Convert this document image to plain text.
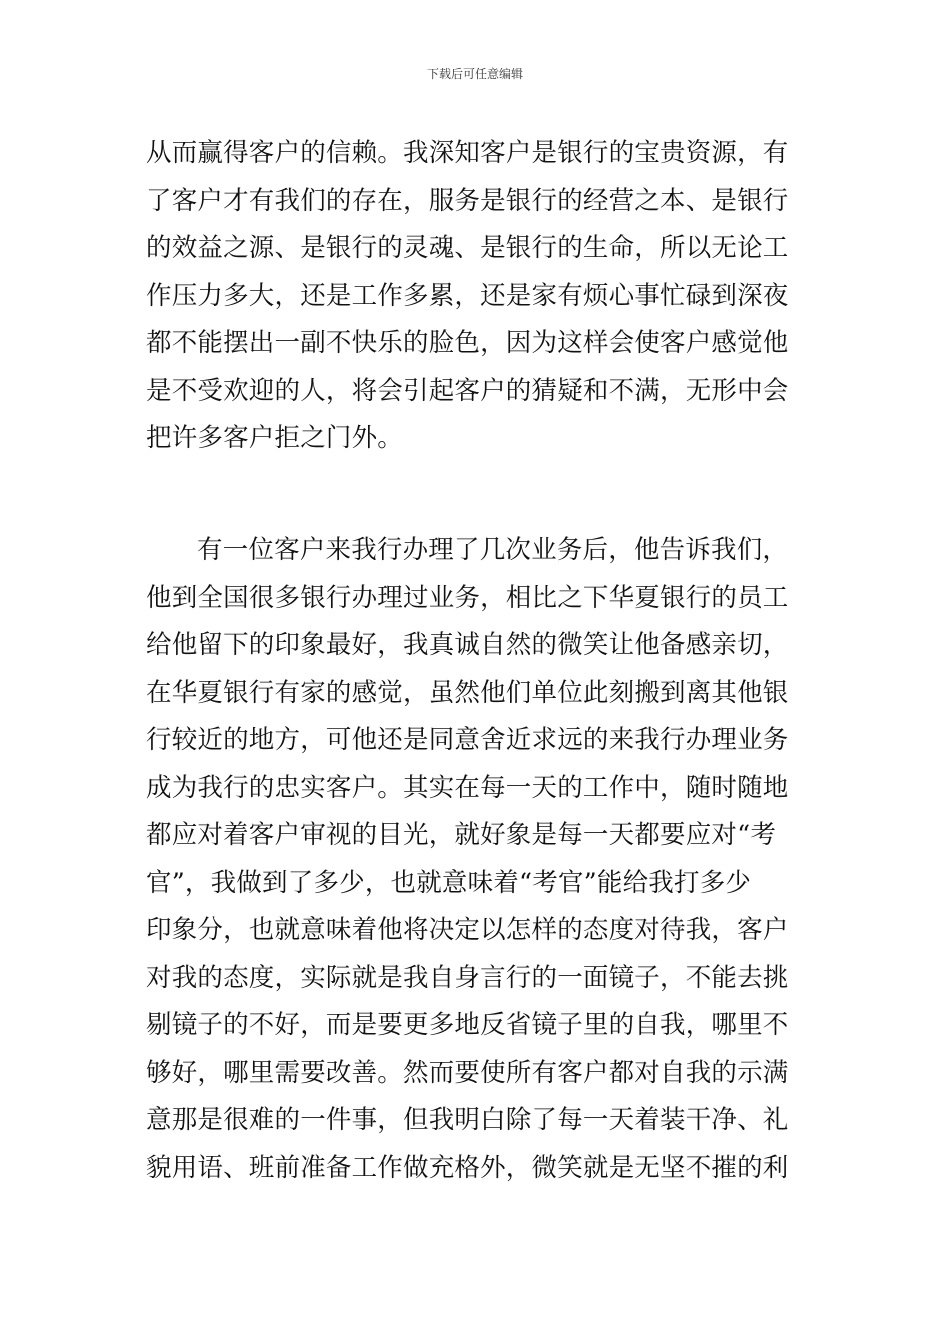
下载后可任意编辑
从而赢得客户的信赖。我深知客户是银行的宝贵资源，有
了客户才有我们的存在，服务是银行的经营之本、是银行
的效益之源、是银行的灵魂、是银行的生命，所以无论工
作压力多大，还是工作多累，还是家有烦心事忙碌到深夜
都不能摆出一副不快乐的脸色，因为这样会使客户感觉他
是不受欢迎的人，将会引起客户的猜疑和不满，无形中会
把许多客户拒之门外。
有一位客户来我行办理了几次业务后，他告诉我们，
他到全国很多银行办理过业务，相比之下华夏银行的员工
给他留下的印象最好，我真诚自然的微笑让他备感亲切，
在华夏银行有家的感觉，虽然他们单位此刻搬到离其他银
行较近的地方，可他还是同意舍近求远的来我行办理业务
成为我行的忠实客户。其实在每一天的工作中，随时随地
都应对着客户审视的目光，就好象是每一天都要应对“考
官”，我做到了多少，也就意味着“考官”能给我打多少
印象分，也就意味着他将决定以怎样的态度对待我，客户
对我的态度，实际就是我自身言行的一面镜子，不能去挑
剔镜子的不好，而是要更多地反省镜子里的自我，哪里不
够好，哪里需要改善。然而要使所有客户都对自我的示满
意那是很难的一件事，但我明白除了每一天着装干净、礼
貌用语、班前准备工作做充格外，微笑就是无坚不摧的利
